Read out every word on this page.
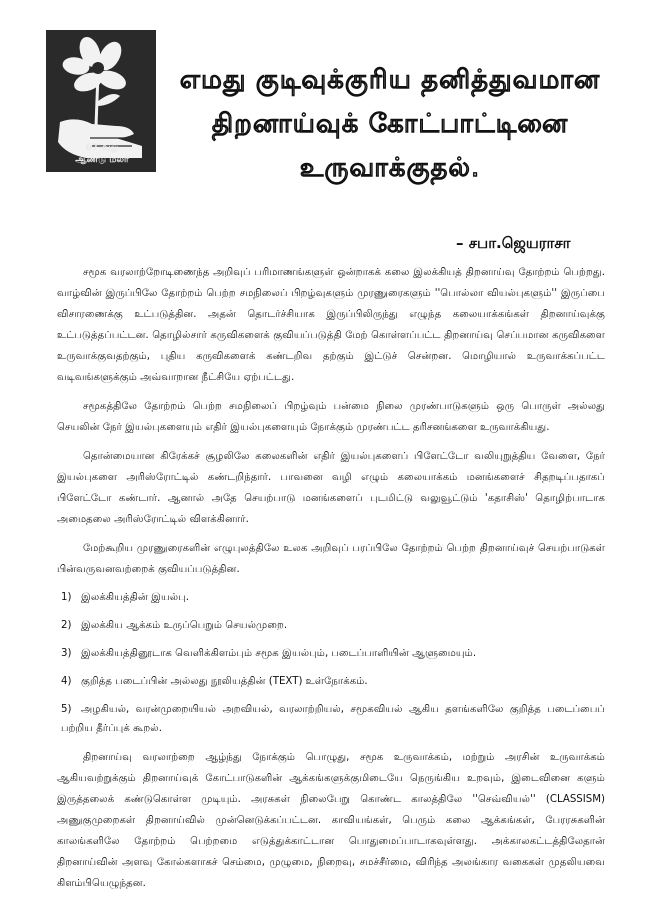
67-வது
ஆண்டு மலர்
எமது குடிவுக்குரிய தனித்துவமான
திறனாய்வுக் கோட்பாட்டினை
உருவாக்குதல்.
– சபா.ஜெயராசா

சமூக வரலாற்றோடிணைந்த அறிவுப் பரிமாணங்களுள் ஒன்றாகக் கலை இலக்கியத் திறனாய்வு தோற்றம் பெற்றது. வாழ்வின் இருப்பிலே தோற்றம் பெற்ற சமநிலைப் பிறழ்வுகளும் முரணுரைகளும் ''பொல்லா வியல்புகளும்'' இருப்பை விசாரணைக்கு உட்படுத்தின. அதன் தொடர்ச்சியாக இருப்பிலிருந்து எழுந்த கலையாக்கங்கள் திறனாய்வுக்கு உட்படுத்தப்பட்டன. தொழில்சார் கருவிகளைக் குவியப்படுத்தி மேற் கொள்ளப்பட்ட திறனாய்வு செப்பமான கருவிகளை உருவாக்குவதற்கும், புதிய கருவிகளைக் கண்டறிவ தற்கும் இட்டுச் சென்றன. மொழியால் உருவாக்கப்பட்ட வடிவங்களுக்கும் அவ்வாறான நீட்சியே ஏற்பட்டது.

சமூகத்திலே தோற்றம் பெற்ற சமநிலைப் பிறழ்வும் பன்மை நிலை முரண்பாடுகளும் ஒரு பொருள் அல்லது செயலின் நேர் இயல்புகளையும் எதிர் இயல்புகளையும் நோக்கும் முரண்பட்ட தரிசனங்களை உருவாக்கியது.

தொன்மையான கிரேக்கச் சூழலிலே கலைகளின் எதிர் இயல்புகளைப் பிளேட்டோ வலியுறுத்திய வேளை, நேர் இயல்புகளை அரிஸ்ரோட்டில் கண்டறிந்தார். பாவனை வழி எழும் கலையாக்கம் மனங்களைச் சிதறடிப்பதாகப் பிளேட்டோ கண்டார். ஆனால் அதே செயற்பாடு மனங்களைப் புடமிட்டு வலுவூட்டும் 'கதாசிஸ்' தொழிற்பாடாக அமைதலை அரிஸ்ரோட்டில் விளக்கினார்.

மேற்கூறிய முரணுரைகளின் எழுபுலத்திலே உலக அறிவுப் பரப்பிலே தோற்றம் பெற்ற திறனாய்வுச் செயற்பாடுகள் பின்வருவனவற்றைக் குவியப்படுத்தின.

1) இலக்கியத்தின் இயல்பு.
2) இலக்கிய ஆக்கம் உருப்பெறும் செயல்முறை.
3) இலக்கியத்தினூடாக வெளிக்கிளம்பும் சமூக இயல்பும், படைப்பாளியின் ஆளுமையும்.
4) குறித்த படைப்பின் அல்லது நூலியத்தின் (TEXT) உள்நோக்கம்.
5) அழகியல், வரன்முறையியல் அறவியல், வரலாற்றியல், சமூகவியல் ஆகிய தளங்களிலே குறித்த படைப்பைப் பற்றிய தீர்ப்புக் கூறல்.

திறனாய்வு வரலாற்றை ஆழ்ந்து நோக்கும் பொழுது, சமூக உருவாக்கம், மற்றும் அரசின் உருவாக்கம் ஆகியவற்றுக்கும் திறனாய்வுக் கோட்பாடுகளின் ஆக்கங்களுக்குமிடையே நெருங்கிய உறவும், இடைவினை களும் இருத்தலைக் கண்டுகொள்ள முடியும். அரசுகள் நிலைபேறு கொண்ட காலத்திலே ''செவ்வியல்'' (CLASSISM) அணுகுமுறைகள் திறனாய்வில் முன்னெடுக்கப்பட்டன. காவியங்கள், பெரும் கலை ஆக்கங்கள், பேரரசுகளின் காலங்களிலே தோற்றம் பெற்றமை எடுத்துக்காட்டான பொதுமைப்பாடாகவுள்ளது. அக்காலகட்டத்திலேதான் திறனாய்வின் அளவு கோல்களாகச் செம்மை, முழுமை, நிறைவு, சமச்சீர்மை, விரிந்த அலங்கார வகைகள் முதலியவை கிளம்பியெழுந்தன.
